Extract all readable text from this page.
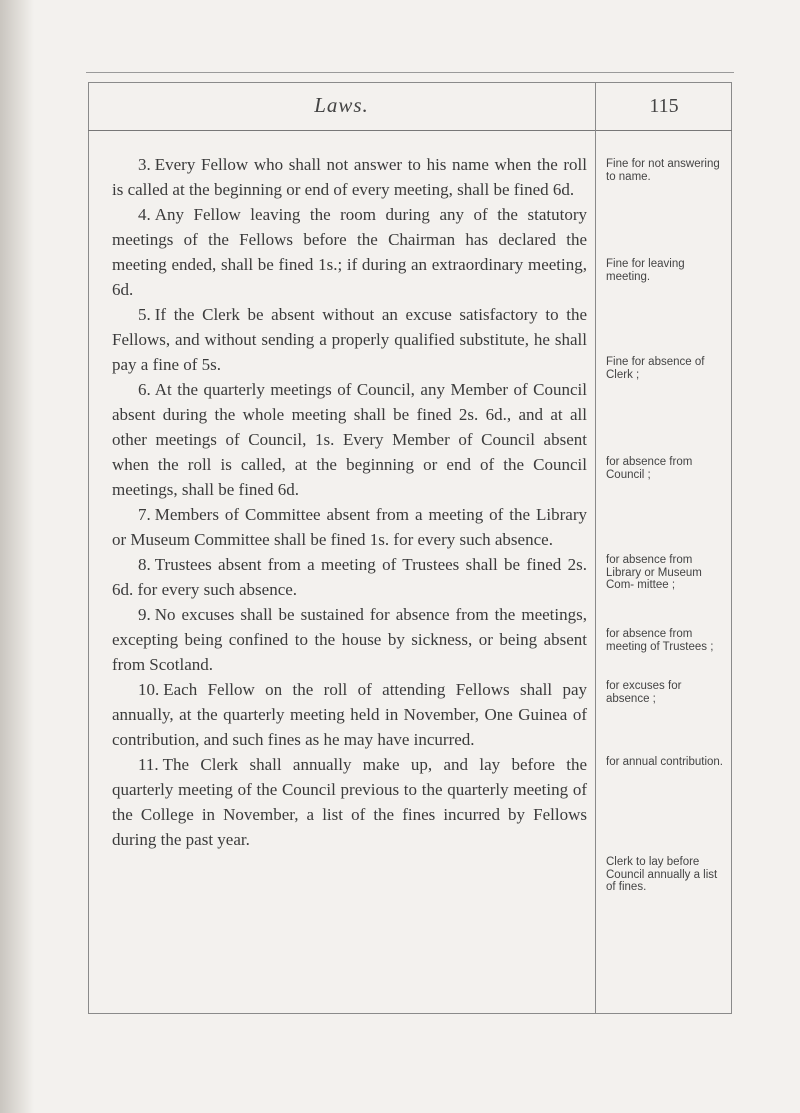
Laws.	115

3. Every Fellow who shall not answer to his name when the roll is called at the beginning or end of every meeting, shall be fined 6d.

4. Any Fellow leaving the room during any of the statutory meetings of the Fellows before the Chairman has declared the meeting ended, shall be fined 1s.; if during an extraordinary meeting, 6d.

5. If the Clerk be absent without an excuse satisfactory to the Fellows, and without sending a properly qualified substitute, he shall pay a fine of 5s.

6. At the quarterly meetings of Council, any Member of Council absent during the whole meeting shall be fined 2s. 6d., and at all other meetings of Council, 1s. Every Member of Council absent when the roll is called, at the beginning or end of the Council meetings, shall be fined 6d.

7. Members of Committee absent from a meeting of the Library or Museum Committee shall be fined 1s. for every such absence.

8. Trustees absent from a meeting of Trustees shall be fined 2s. 6d. for every such absence.

9. No excuses shall be sustained for absence from the meetings, excepting being confined to the house by sickness, or being absent from Scotland.

10. Each Fellow on the roll of attending Fellows shall pay annually, at the quarterly meeting held in November, One Guinea of contribution, and such fines as he may have incurred.

11. The Clerk shall annually make up, and lay before the quarterly meeting of the Council previous to the quarterly meeting of the College in November, a list of the fines incurred by Fellows during the past year.

Fine for not answering to name.
Fine for leaving meeting.
Fine for absence of Clerk ;
for absence from Council ;
for absence from Library or Museum Com- mittee ;
for absence from meeting of Trustees ;
for excuses for absence ;
for annual contribution.
Clerk to lay before Council annually a list of fines.
